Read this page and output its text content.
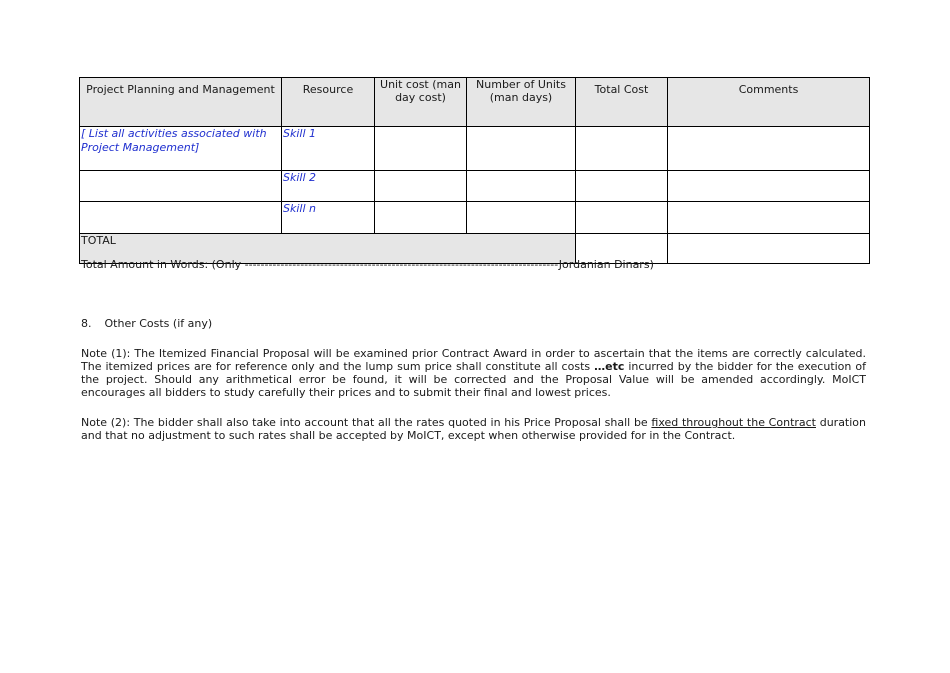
Project Planning and Management	Resource	Unit cost (man day cost)	Number of Units (man days)	Total Cost	Comments
[ List all activities associated with Project Management]	Skill 1				
	Skill 2				
	Skill n				
TOTAL					
Total Amount in Words: (Only -------------------------------------------------------------------------------Jordanian Dinars)
8. Other Costs (if any)

Note (1): The Itemized Financial Proposal will be examined prior Contract Award in order to ascertain that the items are correctly calculated. The itemized prices are for reference only and the lump sum price shall constitute all costs …etc incurred by the bidder for the execution of the project. Should any arithmetical error be found, it will be corrected and the Proposal Value will be amended accordingly. MoICT encourages all bidders to study carefully their prices and to submit their final and lowest prices.

Note (2): The bidder shall also take into account that all the rates quoted in his Price Proposal shall be fixed throughout the Contract duration and that no adjustment to such rates shall be accepted by MoICT, except when otherwise provided for in the Contract.
